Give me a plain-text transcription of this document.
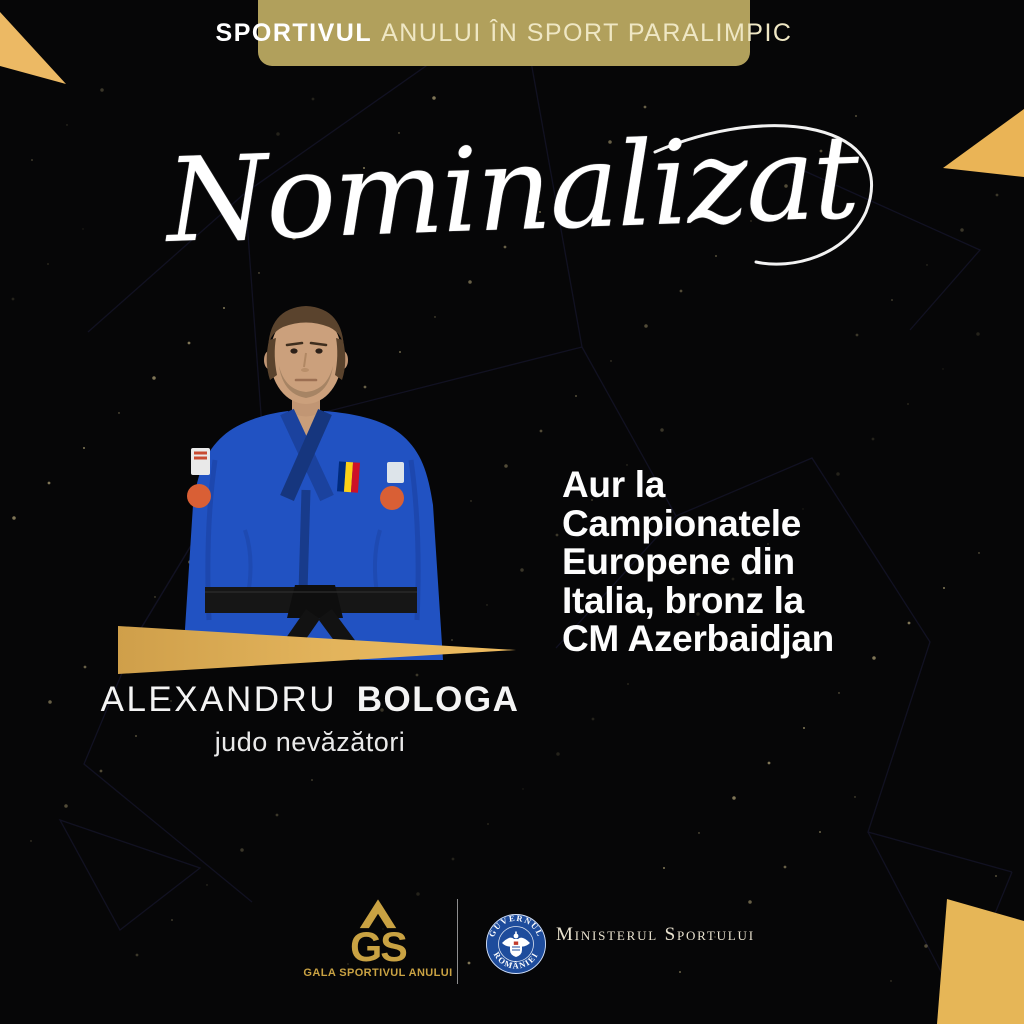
SPORTIVUL ANULUI ÎN SPORT PARALIMPIC
Nominalizat
Aur la
Campionatele
Europene din
Italia, bronz la
CM Azerbaidjan
ALEXANDRU BOLOGA
judo nevăzători
GS
GALA SPORTIVUL ANULUI
GUVERNUL
ROMÂNIEI
Ministerul Sportului
